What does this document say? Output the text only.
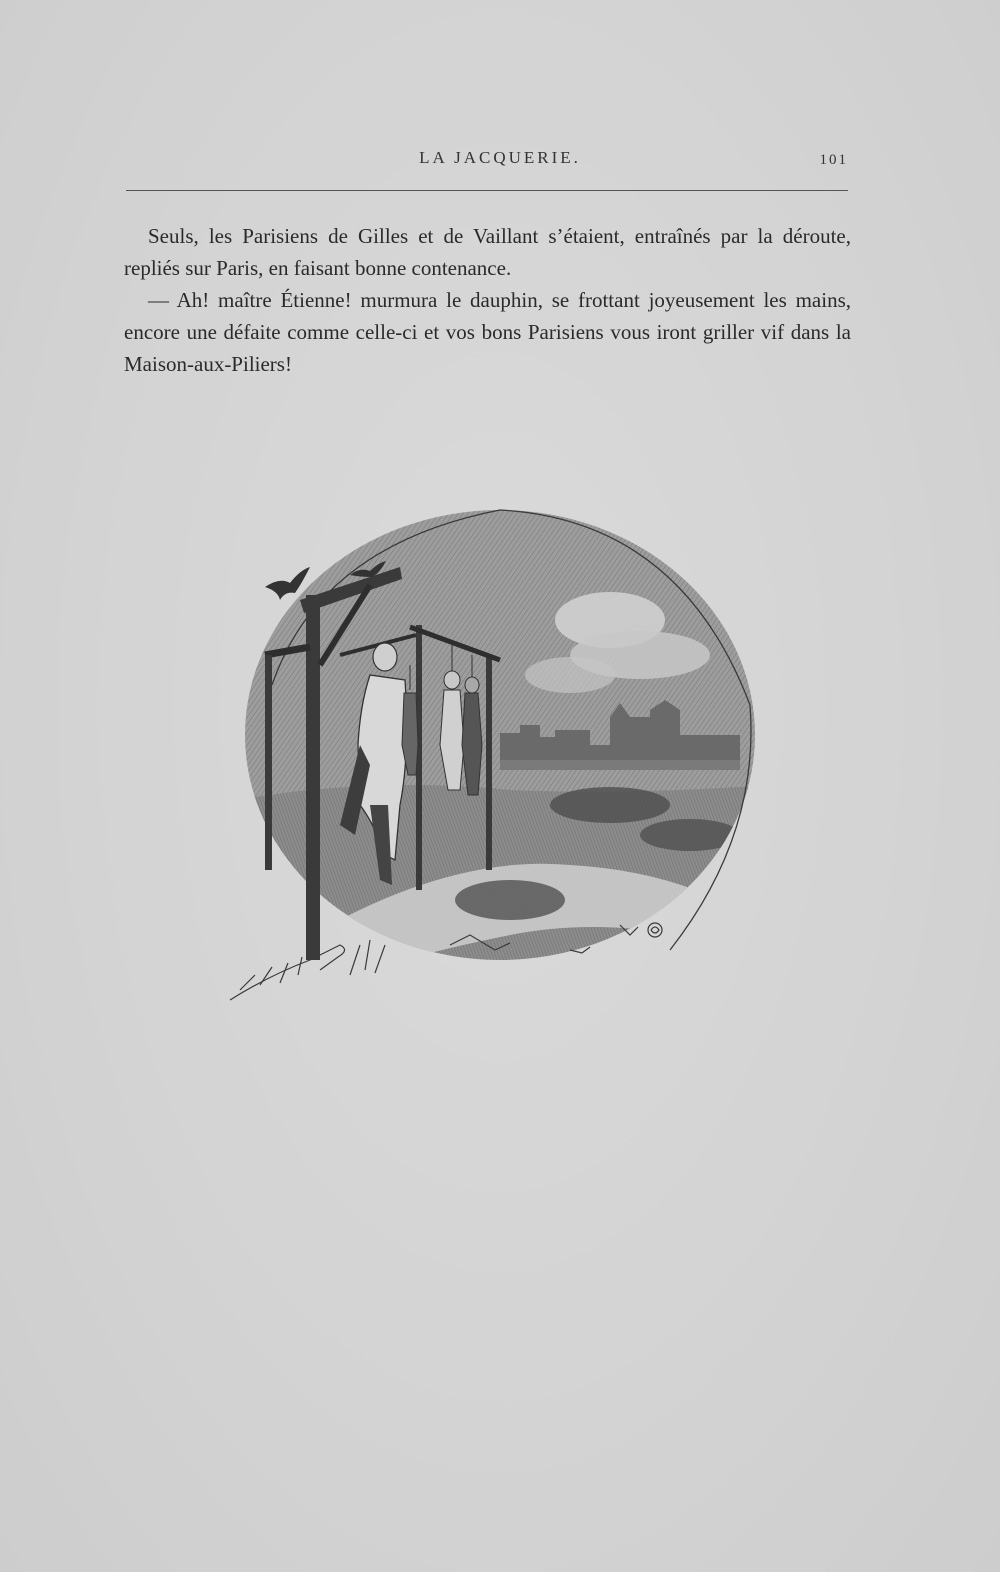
LA JACQUERIE.	101

Seuls, les Parisiens de Gilles et de Vaillant s’étaient, entraînés par la déroute, repliés sur Paris, en faisant bonne contenance.

— Ah! maître Étienne! murmura le dauphin, se frottant joyeusement les mains, encore une défaite comme celle-ci et vos bons Parisiens vous iront griller vif dans la Maison-aux-Piliers!
